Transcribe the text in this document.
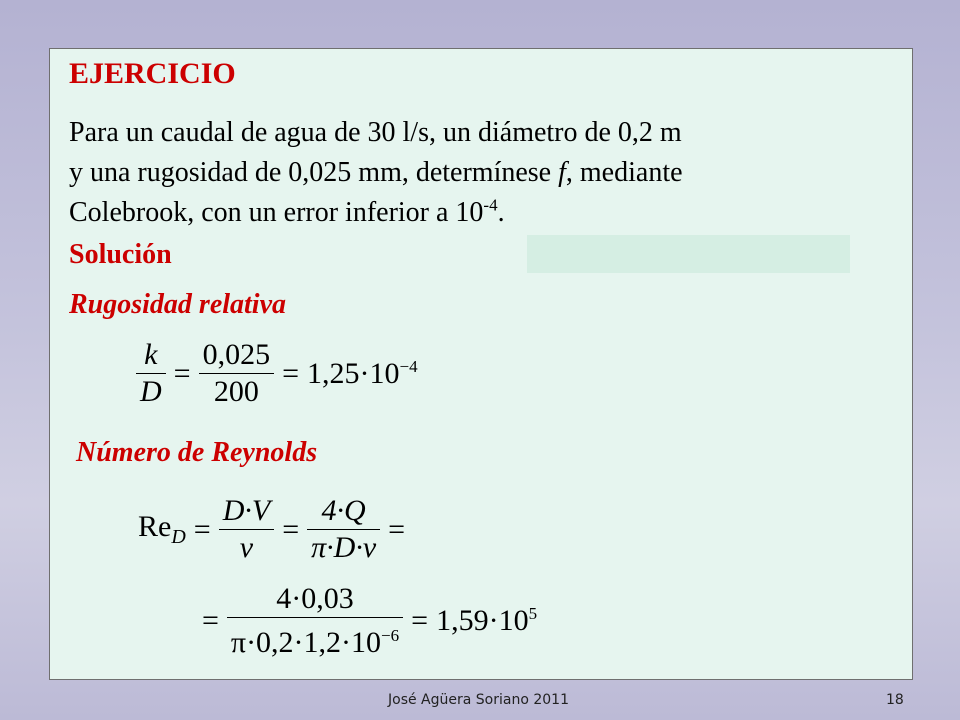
EJERCICIO
Para un caudal de agua de 30 l/s, un diámetro de 0,2 m
y una rugosidad de 0,025 mm, determínese f, mediante
Colebrook, con un error inferior a $10^{-4}$.
Solución
Rugosidad relativa
$\frac{k}{D} = \frac{0,025}{200} = 1,25\cdot 10^{-4}$
Número de Reynolds
$Re_D = \frac{D\cdot V}{\nu} = \frac{4\cdot Q}{\pi\cdot D\cdot\nu}$ =
= $\frac{4\cdot 0,03}{\pi\cdot 0,2\cdot 1,2\cdot 10^{-6}} = 1,59\cdot 10^5$
José Agüera Soriano 2011	18
